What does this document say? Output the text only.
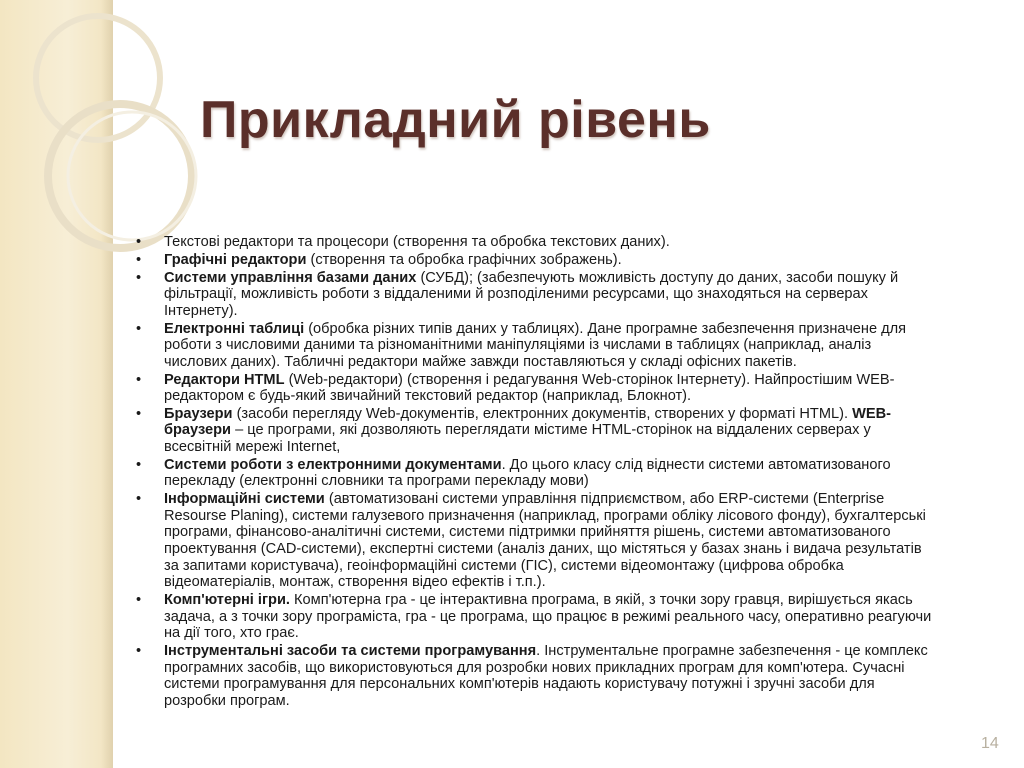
Прикладний рівень
• Текстові редактори та процесори (створення та обробка текстових даних).
• Графічні редактори (створення та обробка графічних зображень).
• Системи управління базами даних (СУБД); (забезпечують можливість доступу до даних, засоби пошуку й фільтрації, можливість роботи з віддаленими й розподіленими ресурсами, що знаходяться на серверах Інтернету).
• Електронні таблиці (обробка різних типів даних у таблицях). Дане програмне забезпечення призначене для роботи з числовими даними та різноманітними маніпуляціями із числами в таблицях (наприклад, аналіз числових даних). Табличні редактори майже завжди поставляються у складі офісних пакетів.
• Редактори HTML (Web-редактори) (створення і редагування Web-сторінок Інтернету). Найпростішим WEB-редактором є будь-який звичайний текстовий редактор (наприклад, Блокнот).
• Браузери (засоби перегляду Web-документів, електронних документів, створених у форматі HTML). WEB-браузери – це програми, які дозволяють переглядати містиме HTML-сторінок на віддалених серверах у всесвітній мережі Internet,
• Системи роботи з електронними документами. До цього класу слід віднести системи автоматизованого перекладу (електронні словники та програми перекладу мови)
• Інформаційні системи (автоматизовані системи управління підприємством, або ERP-системи (Enterprise Resourse Planing), системи галузевого призначення (наприклад, програми обліку лісового фонду), бухгалтерські програми, фінансово-аналітичні системи, системи підтримки прийняття рішень, системи автоматизованого проектування (CAD-системи), експертні системи (аналіз даних, що містяться у базах знань і видача результатів за запитами користувача), геоінформаційні системи (ГІС), системи відеомонтажу (цифрова обробка відеоматеріалів, монтаж, створення відео ефектів і т.п.).
• Комп'ютерні ігри. Комп'ютерна гра - це інтерактивна програма, в якій, з точки зору гравця, вирішується якась задача, а з точки зору програміста, гра - це програма, що працює в режимі реального часу, оперативно реагуючи на дії того, хто грає.
• Інструментальні засоби та системи програмування. Інструментальне програмне забезпечення - це комплекс програмних засобів, що використовуються для розробки нових прикладних програм для комп'ютера. Сучасні системи програмування для персональних комп'ютерів надають користувачу потужні і зручні засоби для розробки програм.
14
